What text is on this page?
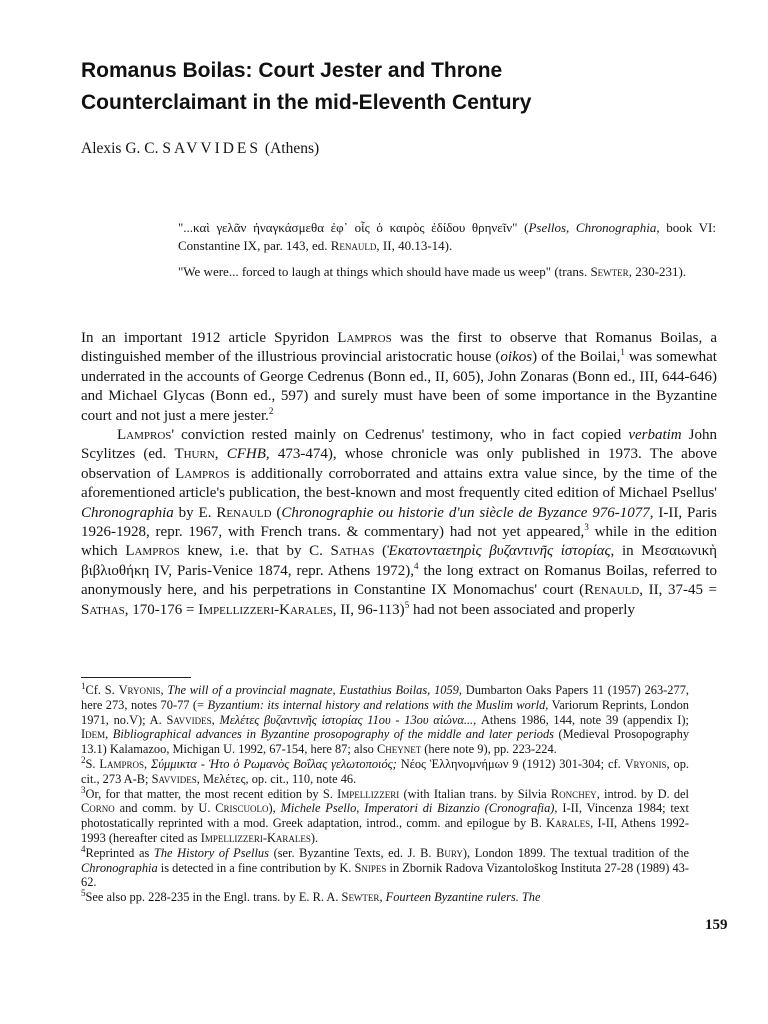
Romanus Boilas: Court Jester and Throne
Counterclaimant in the mid-Eleventh Century
Alexis G. C. SAVVIDES (Athens)

"...καὶ γελᾶν ἠναγκάσμεθα ἐφ᾽ οἷς ὁ καιρὸς ἐδίδου θρηνεῖν" (Psellos, Chronographia, book VI: Constantine IX, par. 143, ed. Renauld, II, 40.13-14).

"We were... forced to laugh at things which should have made us weep" (trans. Sewter, 230-231).

In an important 1912 article Spyridon Lampros was the first to observe that Romanus Boilas, a distinguished member of the illustrious provincial aristocratic house (oikos) of the Boilai,$^1$ was somewhat underrated in the accounts of George Cedrenus (Bonn ed., II, 605), John Zonaras (Bonn ed., III, 644-646) and Michael Glycas (Bonn ed., 597) and surely must have been of some importance in the Byzantine court and not just a mere jester.$^2$

Lampros' conviction rested mainly on Cedrenus' testimony, who in fact copied verbatim John Scylitzes (ed. Thurn, CFHB, 473-474), whose chronicle was only published in 1973. The above observation of Lampros is additionally corroborrated and attains extra value since, by the time of the aforementioned article's publication, the best-known and most frequently cited edition of Michael Psellus' Chronographia by E. Renauld (Chronographie ou historie d'un siècle de Byzance 976-1077, I-II, Paris 1926-1928, repr. 1967, with French trans. & commentary) had not yet appeared,$^3$ while in the edition which Lampros knew, i.e. that by C. Sathas (Ἑκατονταετηρὶς βυζαντινῆς ἱστορίας, in Μεσαιωνικὴ βιβλιοθήκη IV, Paris-Venice 1874, repr. Athens 1972),$^4$ the long extract on Romanus Boilas, referred to anonymously here, and his perpetrations in Constantine IX Monomachus' court (Renauld, II, 37-45 = Sathas, 170-176 = Impellizzeri-Karales, II, 96-113)$^5$ had not been associated and properly

$^1$Cf. S. Vryonis, The will of a provincial magnate, Eustathius Boilas, 1059, Dumbarton Oaks Papers 11 (1957) 263-277, here 273, notes 70-77 (= Byzantium: its internal history and relations with the Muslim world, Variorum Reprints, London 1971, no.V); A. Savvides, Μελέτες βυζαντινῆς ἱστορίας 11ου - 13ου αἰώνα..., Athens 1986, 144, note 39 (appendix I); Idem, Bibliographical advances in Byzantine prosopography of the middle and later periods (Medieval Prosopography 13.1) Kalamazoo, Michigan U. 1992, 67-154, here 87; also Cheynet (here note 9), pp. 223-224.

$^2$S. Lampros, Σύμμικτα - Ἡτο ὁ Ρωμανὸς Βοΐλας γελωτοποιός; Νέος Ἑλληνομνήμων 9 (1912) 301-304; cf. Vryonis, op. cit., 273 A-B; Savvides, Μελέτες, op. cit., 110, note 46.

$^3$Or, for that matter, the most recent edition by S. Impellizzeri (with Italian trans. by Silvia Ronchey, introd. by D. del Corno and comm. by U. Criscuolo), Michele Psello, Imperatori di Bizanzio (Cronografia), I-II, Vincenza 1984; text photostatically reprinted with a mod. Greek adaptation, introd., comm. and epilogue by B. Karales, I-II, Athens 1992-1993 (hereafter cited as Impellizzeri-Karales).

$^4$Reprinted as The History of Psellus (ser. Byzantine Texts, ed. J. B. Bury), London 1899. The textual tradition of the Chronographia is detected in a fine contribution by K. Snipes in Zbornik Radova Vizantološkog Instituta 27-28 (1989) 43-62.

$^5$See also pp. 228-235 in the Engl. trans. by E. R. A. Sewter, Fourteen Byzantine rulers. The

159
